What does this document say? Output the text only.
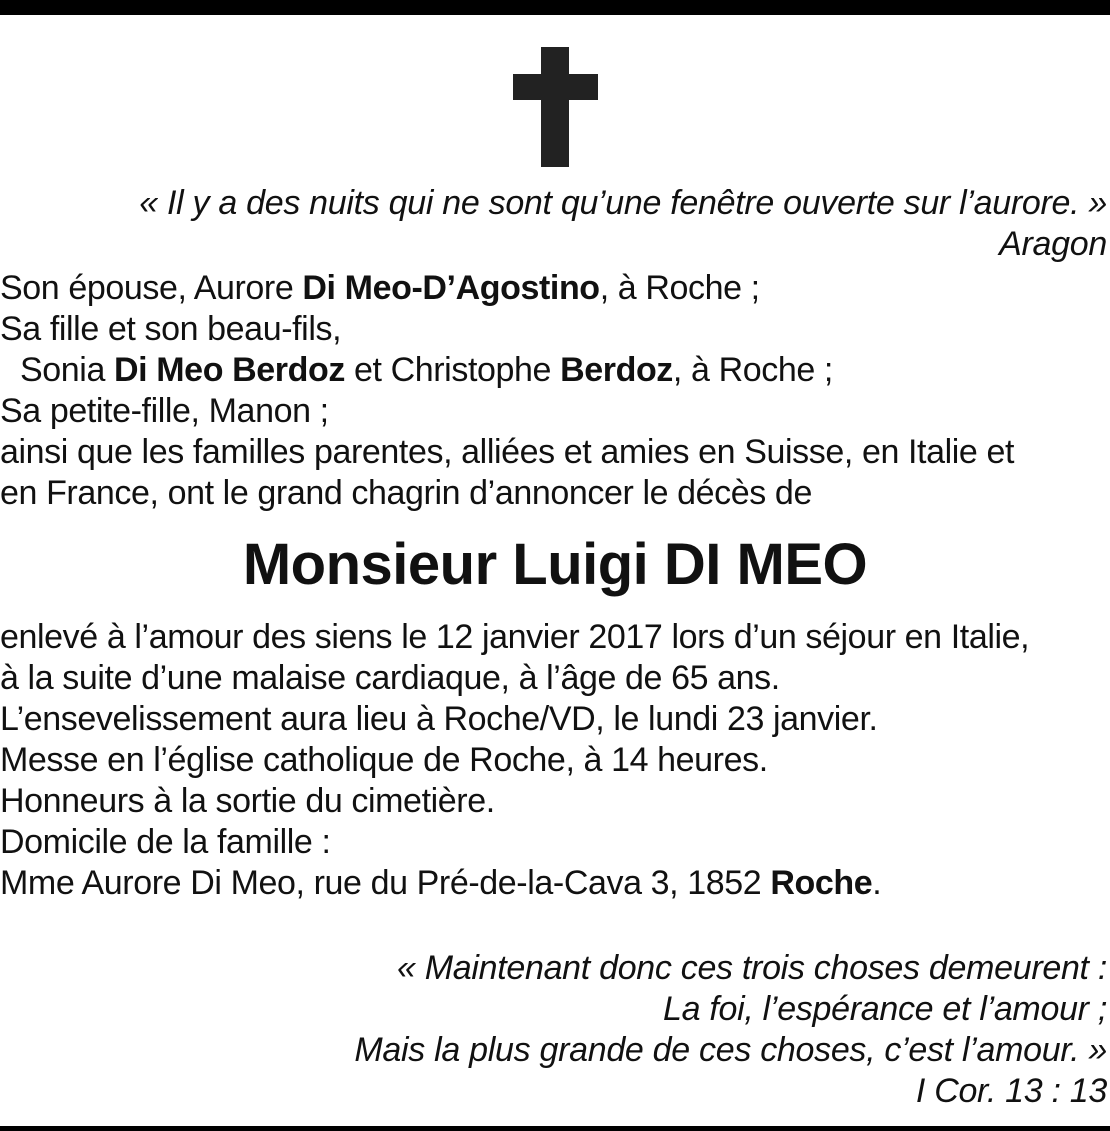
« Il y a des nuits qui ne sont qu’une fenêtre ouverte sur l’aurore. »
Aragon
Son épouse, Aurore Di Meo-D’Agostino, à Roche ;
Sa fille et son beau-fils,
Sonia Di Meo Berdoz et Christophe Berdoz, à Roche ;
Sa petite-fille, Manon ;
ainsi que les familles parentes, alliées et amies en Suisse, en Italie et
en France, ont le grand chagrin d’annoncer le décès de
Monsieur Luigi DI MEO
enlevé à l’amour des siens le 12 janvier 2017 lors d’un séjour en Italie,
à la suite d’une malaise cardiaque, à l’âge de 65 ans.
L’ensevelissement aura lieu à Roche/VD, le lundi 23 janvier.
Messe en l’église catholique de Roche, à 14 heures.
Honneurs à la sortie du cimetière.
Domicile de la famille :
Mme Aurore Di Meo, rue du Pré-de-la-Cava 3, 1852 Roche.
« Maintenant donc ces trois choses demeurent :
La foi, l’espérance et l’amour ;
Mais la plus grande de ces choses, c’est l’amour. »
I Cor. 13 : 13
